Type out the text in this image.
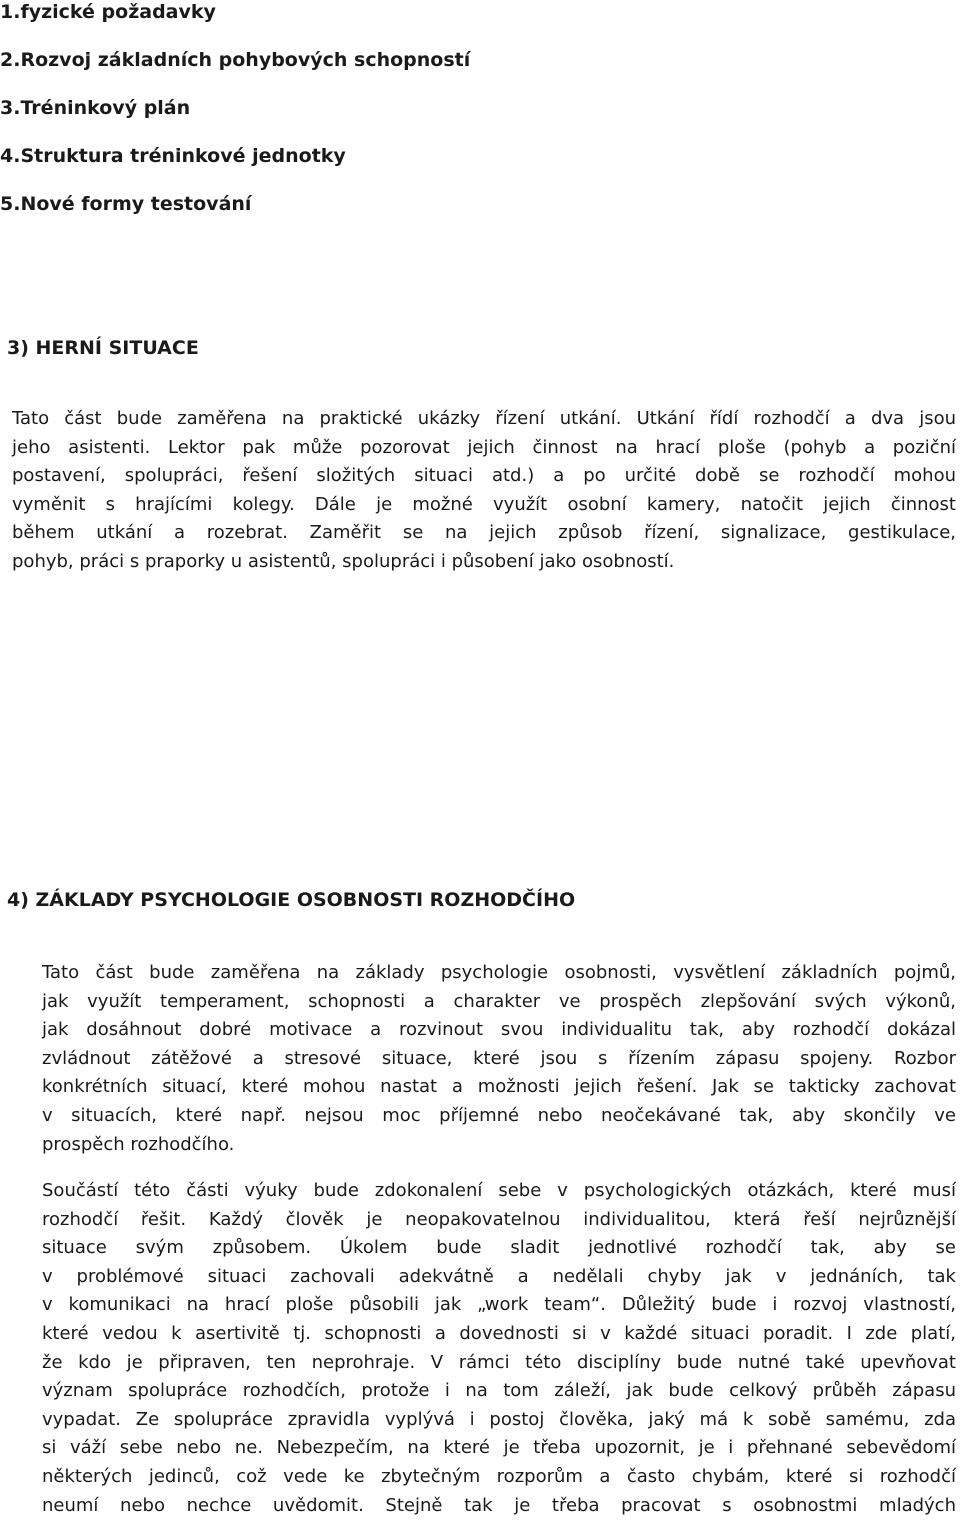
1.fyzické požadavky
2.Rozvoj základních pohybových schopností
3.Tréninkový plán
4.Struktura tréninkové jednotky
5.Nové formy testování
3) HERNÍ SITUACE
Tato část bude zaměřena na praktické ukázky řízení utkání. Utkání řídí rozhodčí a dva jsou
jeho asistenti. Lektor pak může pozorovat jejich činnost na hrací ploše (pohyb a poziční
postavení, spolupráci, řešení složitých situaci atd.) a po určité době se rozhodčí mohou
vyměnit s hrajícími kolegy. Dále je možné využít osobní kamery, natočit jejich činnost
během utkání a rozebrat. Zaměřit se na jejich způsob řízení, signalizace, gestikulace,
pohyb, práci s praporky u asistentů, spolupráci i působení jako osobností.
4) ZÁKLADY PSYCHOLOGIE OSOBNOSTI ROZHODČÍHO
Tato část bude zaměřena na základy psychologie osobnosti, vysvětlení základních pojmů,
jak využít temperament, schopnosti a charakter ve prospěch zlepšování svých výkonů,
jak dosáhnout dobré motivace a rozvinout svou individualitu tak, aby rozhodčí dokázal
zvládnout zátěžové a stresové situace, které jsou s řízením zápasu spojeny. Rozbor
konkrétních situací, které mohou nastat a možnosti jejich řešení. Jak se takticky zachovat
v situacích, které např. nejsou moc příjemné nebo neočekávané tak, aby skončily ve
prospěch rozhodčího.
Součástí této části výuky bude zdokonalení sebe v psychologických otázkách, které musí
rozhodčí řešit. Každý člověk je neopakovatelnou individualitou, která řeší nejrůznější
situace svým způsobem. Úkolem bude sladit jednotlivé rozhodčí tak, aby se
v problémové situaci zachovali adekvátně a nedělali chyby jak v jednáních, tak
v komunikaci na hrací ploše působili jak „work team“. Důležitý bude i rozvoj vlastností,
které vedou k asertivitě tj. schopnosti a dovednosti si v každé situaci poradit. I zde platí,
že kdo je připraven, ten neprohraje. V rámci této disciplíny bude nutné také upevňovat
význam spolupráce rozhodčích, protože i na tom záleží, jak bude celkový průběh zápasu
vypadat. Ze spolupráce zpravidla vyplývá i postoj člověka, jaký má k sobě samému, zda
si váží sebe nebo ne. Nebezpečím, na které je třeba upozornit, je i přehnané sebevědomí
některých jedinců, což vede ke zbytečným rozporům a často chybám, které si rozhodčí
neumí nebo nechce uvědomit. Stejně tak je třeba pracovat s osobnostmi mladých
